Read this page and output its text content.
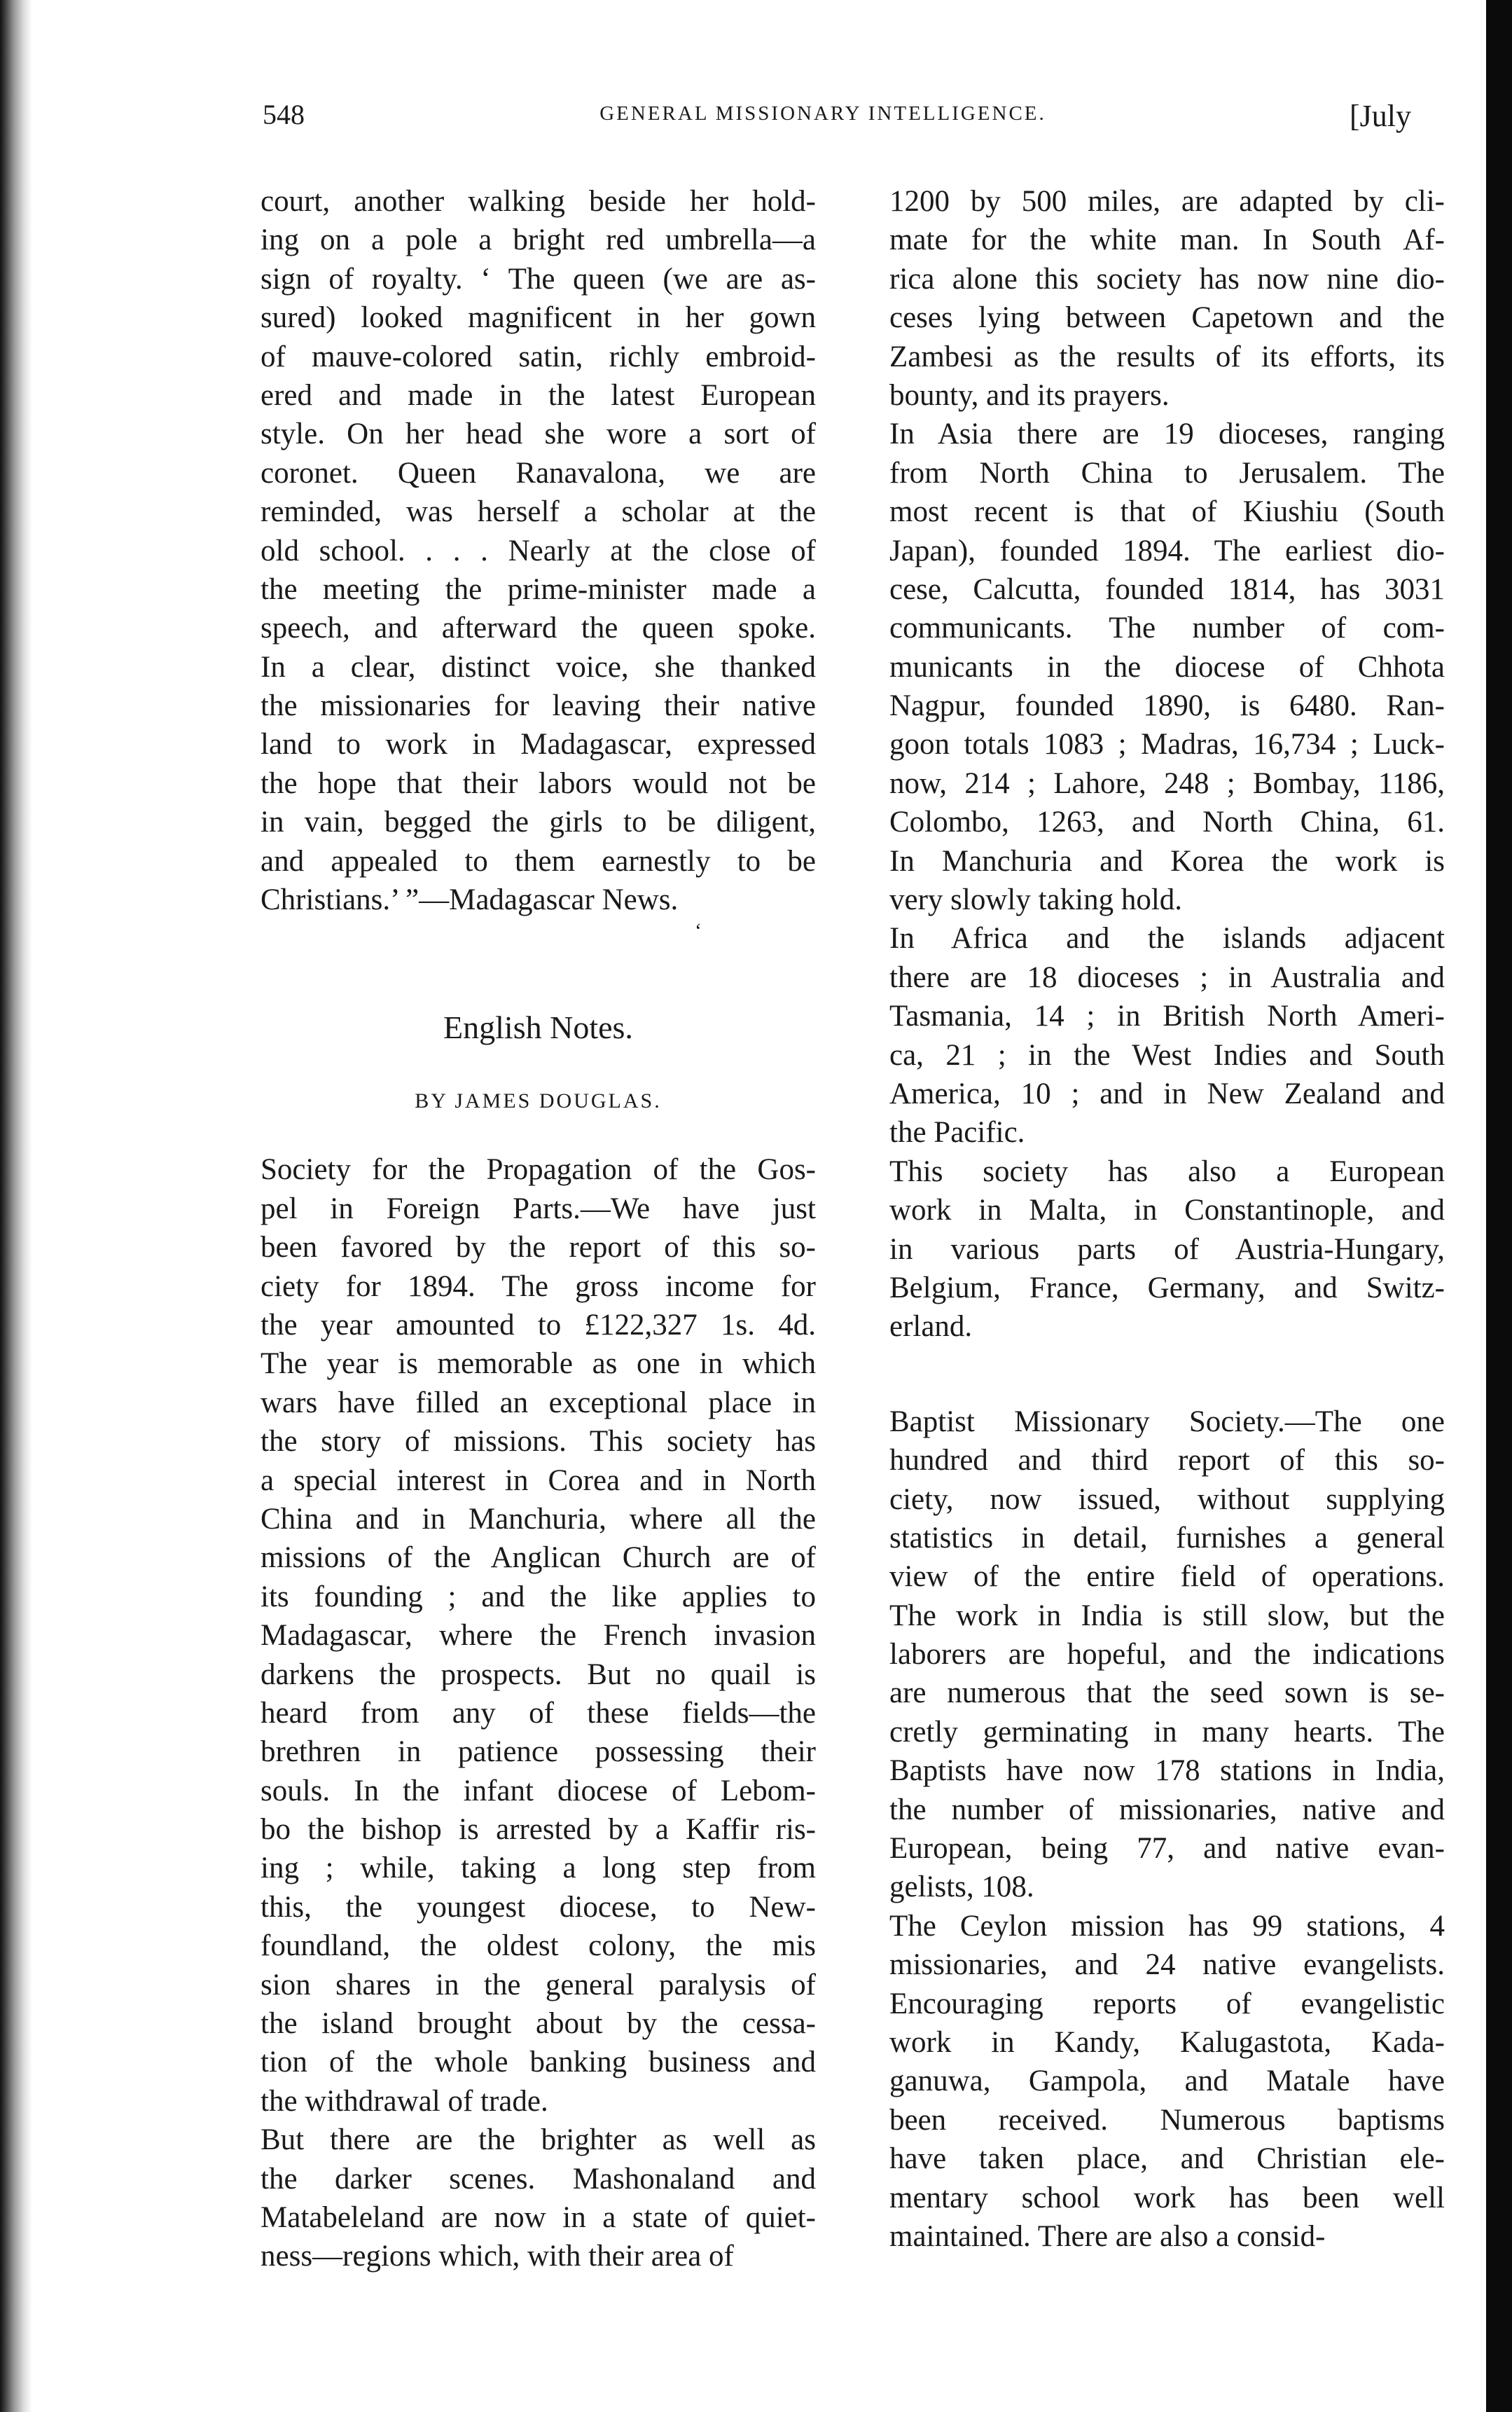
548	GENERAL MISSIONARY INTELLIGENCE.	[July
court, another walking beside her hold-
ing on a pole a bright red umbrella—a
sign of royalty. ‘ The queen (we are as-
sured) looked magnificent in her gown
of mauve-colored satin, richly embroid-
ered and made in the latest European
style. On her head she wore a sort of
coronet. Queen Ranavalona, we are
reminded, was herself a scholar at the
old school. . . . Nearly at the close of
the meeting the prime-minister made a
speech, and afterward the queen spoke.
In a clear, distinct voice, she thanked
the missionaries for leaving their native
land to work in Madagascar, expressed
the hope that their labors would not be
in vain, begged the girls to be diligent,
and appealed to them earnestly to be
Christians.’ ”—Madagascar News.
‘
English Notes.
BY JAMES DOUGLAS.
Society for the Propagation of the Gos-
pel in Foreign Parts.—We have just
been favored by the report of this so-
ciety for 1894. The gross income for
the year amounted to £122,327 1s. 4d.
The year is memorable as one in which
wars have filled an exceptional place in
the story of missions. This society has
a special interest in Corea and in North
China and in Manchuria, where all the
missions of the Anglican Church are of
its founding ; and the like applies to
Madagascar, where the French invasion
darkens the prospects. But no quail is
heard from any of these fields—the
brethren in patience possessing their
souls. In the infant diocese of Lebom-
bo the bishop is arrested by a Kaffir ris-
ing ; while, taking a long step from
this, the youngest diocese, to New-
foundland, the oldest colony, the mis
sion shares in the general paralysis of
the island brought about by the cessa-
tion of the whole banking business and
the withdrawal of trade.
But there are the brighter as well as
the darker scenes. Mashonaland and
Matabeleland are now in a state of quiet-
ness—regions which, with their area of
1200 by 500 miles, are adapted by cli-
mate for the white man. In South Af-
rica alone this society has now nine dio-
ceses lying between Capetown and the
Zambesi as the results of its efforts, its
bounty, and its prayers.
In Asia there are 19 dioceses, ranging
from North China to Jerusalem. The
most recent is that of Kiushiu (South
Japan), founded 1894. The earliest dio-
cese, Calcutta, founded 1814, has 3031
communicants. The number of com-
municants in the diocese of Chhota
Nagpur, founded 1890, is 6480. Ran-
goon totals 1083 ; Madras, 16,734 ; Luck-
now, 214 ; Lahore, 248 ; Bombay, 1186,
Colombo, 1263, and North China, 61.
In Manchuria and Korea the work is
very slowly taking hold.
In Africa and the islands adjacent
there are 18 dioceses ; in Australia and
Tasmania, 14 ; in British North Ameri-
ca, 21 ; in the West Indies and South
America, 10 ; and in New Zealand and
the Pacific.
This society has also a European
work in Malta, in Constantinople, and
in various parts of Austria-Hungary,
Belgium, France, Germany, and Switz-
erland.
Baptist Missionary Society.—The one
hundred and third report of this so-
ciety, now issued, without supplying
statistics in detail, furnishes a general
view of the entire field of operations.
The work in India is still slow, but the
laborers are hopeful, and the indications
are numerous that the seed sown is se-
cretly germinating in many hearts. The
Baptists have now 178 stations in India,
the number of missionaries, native and
European, being 77, and native evan-
gelists, 108.
The Ceylon mission has 99 stations, 4
missionaries, and 24 native evangelists.
Encouraging reports of evangelistic
work in Kandy, Kalugastota, Kada-
ganuwa, Gampola, and Matale have
been received. Numerous baptisms
have taken place, and Christian ele-
mentary school work has been well
maintained. There are also a consid-
